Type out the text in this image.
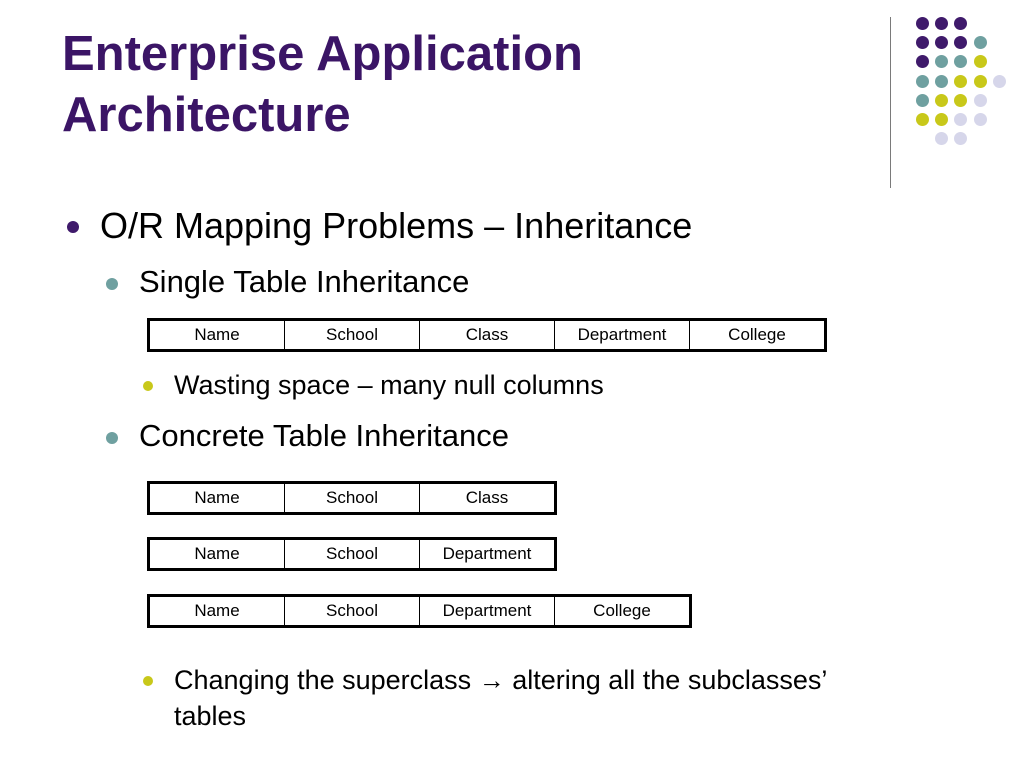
Enterprise Application Architecture
O/R Mapping Problems – Inheritance
Single Table Inheritance
Name	School	Class	Department	College
Wasting space – many null columns
Concrete Table Inheritance
Name	School	Class
Name	School	Department
Name	School	Department	College
Changing the superclass → altering all the subclasses’
tables
